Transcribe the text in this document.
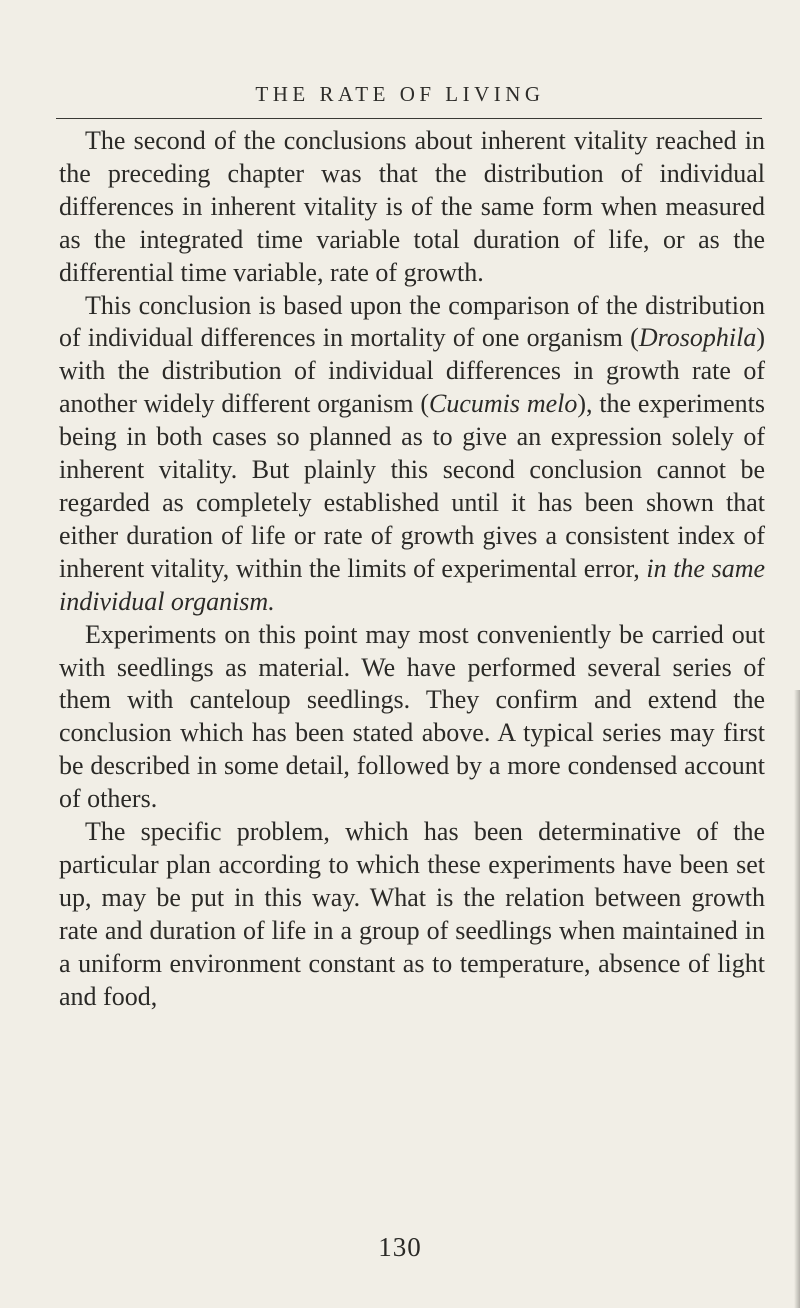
THE RATE OF LIVING

The second of the conclusions about inherent vitality reached in the preceding chapter was that the distribution of individual differences in inherent vitality is of the same form when measured as the integrated time variable total duration of life, or as the differential time variable, rate of growth.

This conclusion is based upon the comparison of the distribution of individual differences in mortality of one organism (Drosophila) with the distribution of individual differences in growth rate of another widely different organism (Cucumis melo), the experiments being in both cases so planned as to give an expression solely of inherent vitality. But plainly this second conclusion cannot be regarded as completely established until it has been shown that either duration of life or rate of growth gives a consistent index of inherent vitality, within the limits of experimental error, in the same individual organism.

Experiments on this point may most conveniently be carried out with seedlings as material. We have performed several series of them with canteloup seedlings. They confirm and extend the conclusion which has been stated above. A typical series may first be described in some detail, followed by a more condensed account of others.

The specific problem, which has been determinative of the particular plan according to which these experiments have been set up, may be put in this way. What is the relation between growth rate and duration of life in a group of seedlings when maintained in a uniform environment constant as to temperature, absence of light and food,

130
